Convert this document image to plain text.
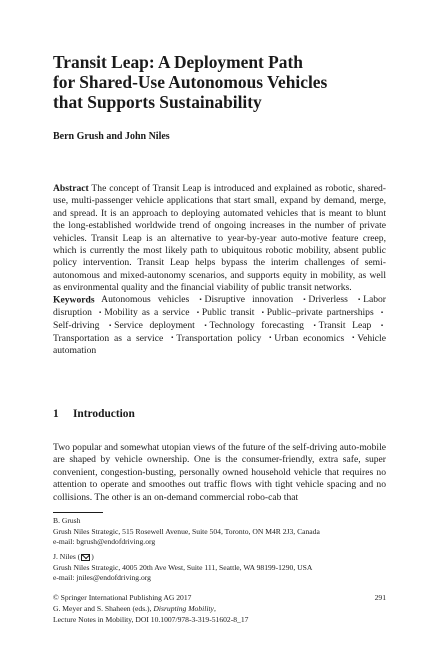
Transit Leap: A Deployment Path
for Shared-Use Autonomous Vehicles
that Supports Sustainability
Bern Grush and John Niles
Abstract The concept of Transit Leap is introduced and explained as robotic, shared-use, multi-passenger vehicle applications that start small, expand by demand, merge, and spread. It is an approach to deploying automated vehicles that is meant to blunt the long-established worldwide trend of ongoing increases in the number of private vehicles. Transit Leap is an alternative to year-by-year auto-motive feature creep, which is currently the most likely path to ubiquitous robotic mobility, absent public policy intervention. Transit Leap helps bypass the interim challenges of semi-autonomous and mixed-autonomy scenarios, and supports equity in mobility, as well as environmental quality and the financial viability of public transit networks.
Keywords Autonomous vehicles ▪ Disruptive innovation ▪ Driverless ▪ Labor disruption ▪ Mobility as a service ▪ Public transit ▪ Public–private partnerships ▪Self-driving ▪ Service deployment ▪ Technology forecasting ▪ Transit Leap ▪Transportation as a service ▪ Transportation policy ▪ Urban economics ▪ Vehicle automation
1 Introduction
Two popular and somewhat utopian views of the future of the self-driving auto-mobile are shaped by vehicle ownership. One is the consumer-friendly, extra safe, super convenient, congestion-busting, personally owned household vehicle that requires no attention to operate and smoothes out traffic flows with tight vehicle spacing and no collisions. The other is an on-demand commercial robo-cab that
B. Grush
Grush Niles Strategic, 515 Rosewell Avenue, Suite 504, Toronto, ON M4R 2J3, Canada
e-mail: bgrush@endofdriving.org
J. Niles ( )
Grush Niles Strategic, 4005 20th Ave West, Suite 111, Seattle, WA 98199-1290, USA
e-mail: jniles@endofdriving.org
© Springer International Publishing AG 2017	291
G. Meyer and S. Shaheen (eds.), Disrupting Mobility,
Lecture Notes in Mobility, DOI 10.1007/978-3-319-51602-8_17
